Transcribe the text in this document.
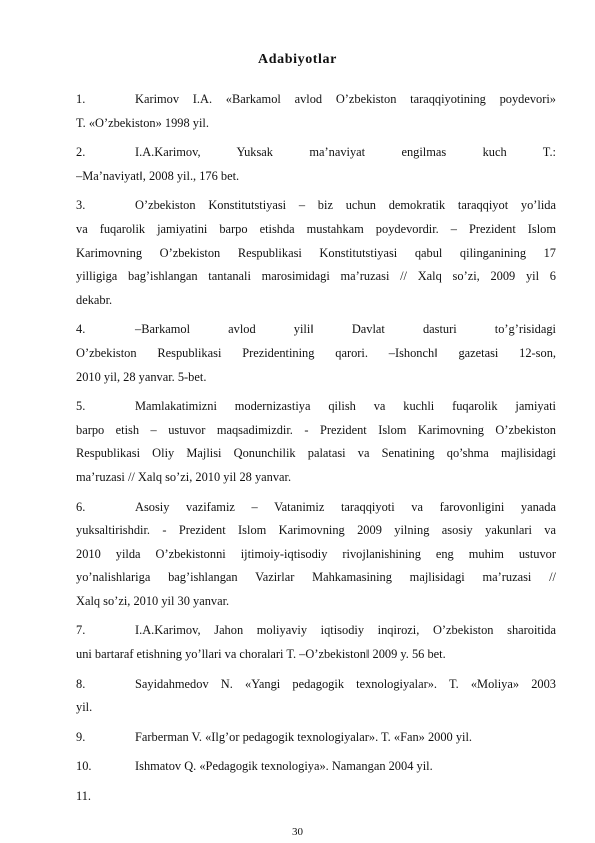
Adabiyotlar
1.	Karimov I.A. «Barkamol avlod O’zbekiston taraqqiyotining poydevori»
T. «O’zbekiston» 1998 yil.
2.	I.A.Karimov, Yuksak ma’naviyat engilmas kuch T.:
‒Ma’naviyat‖, 2008 yil., 176 bet.
3.	O’zbekiston Konstitutstiyasi ‒ biz uchun demokratik taraqqiyot yo’lida
va fuqarolik jamiyatini barpo etishda mustahkam poydevordir. ‒ Prezident Islom
Karimovning O’zbekiston Respublikasi Konstitutstiyasi qabul qilinganining 17
yilligiga bag’ishlangan tantanali marosimidagi ma’ruzasi // Xalq so’zi, 2009 yil 6
dekabr.
4.	‒Barkamol avlod yili‖ Davlat dasturi to’g’risidagi
O’zbekiston Respublikasi Prezidentining qarori. ‒Ishonch‖ gazetasi 12-son,
2010 yil, 28 yanvar. 5-bet.
5.	Mamlakatimizni modernizastiya qilish va kuchli fuqarolik jamiyati
barpo etish ‒ ustuvor maqsadimizdir. - Prezident Islom Karimovning O’zbekiston
Respublikasi Oliy Majlisi Qonunchilik palatasi va Senatining qo’shma majlisidagi
ma’ruzasi // Xalq so’zi, 2010 yil 28 yanvar.
6.	Asosiy vazifamiz ‒ Vatanimiz taraqqiyoti va farovonligini yanada
yuksaltirishdir. - Prezident Islom Karimovning 2009 yilning asosiy yakunlari va
2010 yilda O’zbekistonni ijtimoiy-iqtisodiy rivojlanishining eng muhim ustuvor
yo’nalishlariga bag’ishlangan Vazirlar Mahkamasining majlisidagi ma’ruzasi //
Xalq so’zi, 2010 yil 30 yanvar.
7.	I.A.Karimov, Jahon moliyaviy iqtisodiy inqirozi, O’zbekiston sharoitida
uni bartaraf etishning yo’llari va choralari T. ‒O’zbekiston‖ 2009 y. 56 bet.
8.	Sayidahmedov N. «Yangi pedagogik texnologiyalar». T. «Moliya» 2003
yil.
9.	Farberman V. «Ilg’or pedagogik texnologiyalar». T. «Fan» 2000 yil.
10.	Ishmatov Q. «Pedagogik texnologiya». Namangan 2004 yil.
11.
30
